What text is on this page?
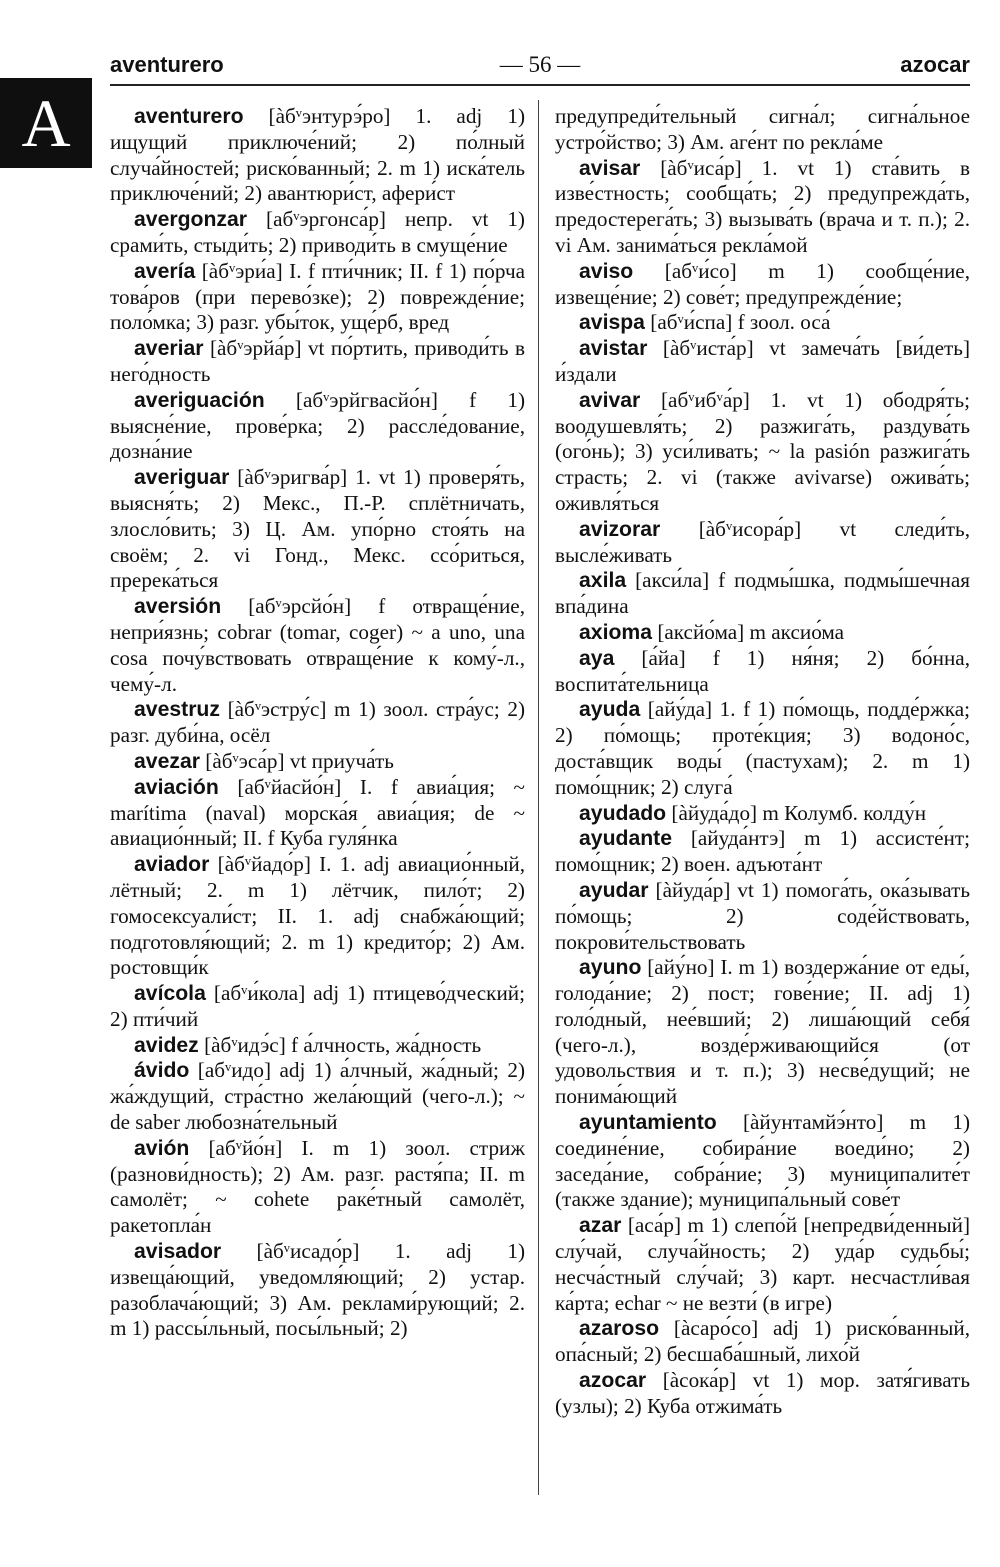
A
aventurero	— 56 —	azocar

aventurero [àбᵛэнтурэ́ро] 1. adj 1) ищущий приключе́ний; 2) по́лный случа́йностей; риско́ванный; 2. m 1) иска́тель приключе́ний; 2) авантюри́ст, афери́ст

avergonzar [абᵛэргонса́р] непр. vt 1) срами́ть, стыди́ть; 2) приводи́ть в смуще́ние

avería [àбᵛэри́а] I. f пти́чник; II. f 1) по́рча това́ров (при перево́зке); 2) поврежде́ние; поло́мка; 3) разг. убы́ток, уще́рб, вред

averiar [àбᵛэрйа́р] vt по́ртить, приводи́ть в него́дность

averiguación [абᵛэрйгвасйо́н] f 1) выясне́ние, прове́рка; 2) рассле́дование, дозна́ние

averiguar [àбᵛэригва́р] 1. vt 1) проверя́ть, выясня́ть; 2) Мекс., П.-Р. сплётничать, злосло́вить; 3) Ц. Ам. упо́рно стоя́ть на своём; 2. vi Гонд., Мекс. ссо́риться, пререка́ться

aversión [абᵛэрсйо́н] f отвраще́ние, непри́язнь; cobrar (tomar, coger) ~ a uno, una cosa почу́вствовать отвраще́ние к кому́-л., чему́-л.

avestruz [àбᵛэстру́с] m 1) зоол. стра́ус; 2) разг. дуби́на, осёл

avezar [àбᵛэса́р] vt приуча́ть

aviación [абᵛйасйо́н] I. f авиа́ция; ~ marítima (naval) морска́я авиа́ция; de ~ авиацио́нный; II. f Куба гуля́нка

aviador [àбᵛйадо́р] I. 1. adj авиацио́нный, лётный; 2. m 1) лётчик, пило́т; 2) гомосексуали́ст; II. 1. adj снабжа́ющий; подготовля́ющий; 2. m 1) кредито́р; 2) Ам. ростовщи́к

avícola [абᵛи́кола] adj 1) птицево́дческий; 2) пти́чий

avidez [àбᵛидэ́с] f а́лчность, жа́дность

ávido [абᵛидо] adj 1) а́лчный, жа́дный; 2) жа́ждущий, стра́стно жела́ющий (чего-л.); ~ de saber любозна́тельный

avión [абᵛйо́н] I. m 1) зоол. стриж (разнови́дность); 2) Ам. разг. растя́па; II. m самолёт; ~ cohete раке́тный самолёт, ракетопла́н

avisador [àбᵛисадо́р] 1. adj 1) извеща́ющий, уведомля́ющий; 2) устар. разоблача́ющий; 3) Ам. реклами́рующий; 2. m 1) рассы́льный, посы́льный; 2)

предупреди́тельный сигна́л; сигна́льное устро́йство; 3) Ам. аге́нт по рекла́ме

avisar [àбᵛиса́р] 1. vt 1) ста́вить в изве́стность; сообща́ть; 2) предупрежда́ть, предостерега́ть; 3) вызыва́ть (врача и т. п.); 2. vi Ам. занима́ться рекла́мой

aviso [абᵛи́со] m 1) сообще́ние, извеще́ние; 2) сове́т; предупрежде́ние;

avispa [абᵛи́спа] f зоол. оса́

avistar [àбᵛиста́р] vt замеча́ть [ви́деть] и́здали

avivar [абᵛибᵛа́р] 1. vt 1) ободря́ть; воодушевля́ть; 2) разжига́ть, раздува́ть (ого́нь); 3) уси́ливать; ~ la pasión разжига́ть страсть; 2. vi (также avivarse) ожива́ть; оживля́ться

avizorar [àбᵛисора́р] vt следи́ть, высле́живать

axila [акси́ла] f подмы́шка, подмы́шечная впа́дина

axioma [аксйо́ма] m аксио́ма

aya [а́йа] f 1) ня́ня; 2) бо́нна, воспита́тельница

ayuda [айу́да] 1. f 1) по́мощь, подде́ржка; 2) по́мощь; проте́кция; 3) водоно́с, доста́вщик воды́ (пастухам); 2. m 1) помо́щник; 2) слуга́

ayudado [àйуда́до] m Колумб. колду́н

ayudante [айуда́нтэ] m 1) ассисте́нт; помо́щник; 2) воен. адъюта́нт

ayudar [àйуда́р] vt 1) помога́ть, ока́зывать по́мощь; 2) соде́йствовать, покрови́тельствовать

ayuno [айу́но] I. m 1) воздержа́ние от еды́, голода́ние; 2) пост; гове́ние; II. adj 1) голо́дный, нее́вший; 2) лиша́ющий себя́ (чего-л.), возде́рживающийся (от удовольствия и т. п.); 3) несве́дущий; не понима́ющий

ayuntamiento [àйунтамйэ́нто] m 1) соедине́ние, собира́ние воеди́но; 2) заседа́ние, собра́ние; 3) муниципалите́т (также здание); муниципа́льный сове́т

azar [аса́р] m 1) слепо́й [непредви́денный] слу́чай, случа́йность; 2) уда́р судьбы́; несча́стный слу́чай; 3) карт. несчастли́вая ка́рта; echar ~ не везти́ (в игре)

azaroso [àсаро́со] adj 1) риско́ванный, опа́сный; 2) бесшаба́шный, лихо́й

azocar [àсока́р] vt 1) мор. затя́гивать (узлы); 2) Куба отжима́ть
